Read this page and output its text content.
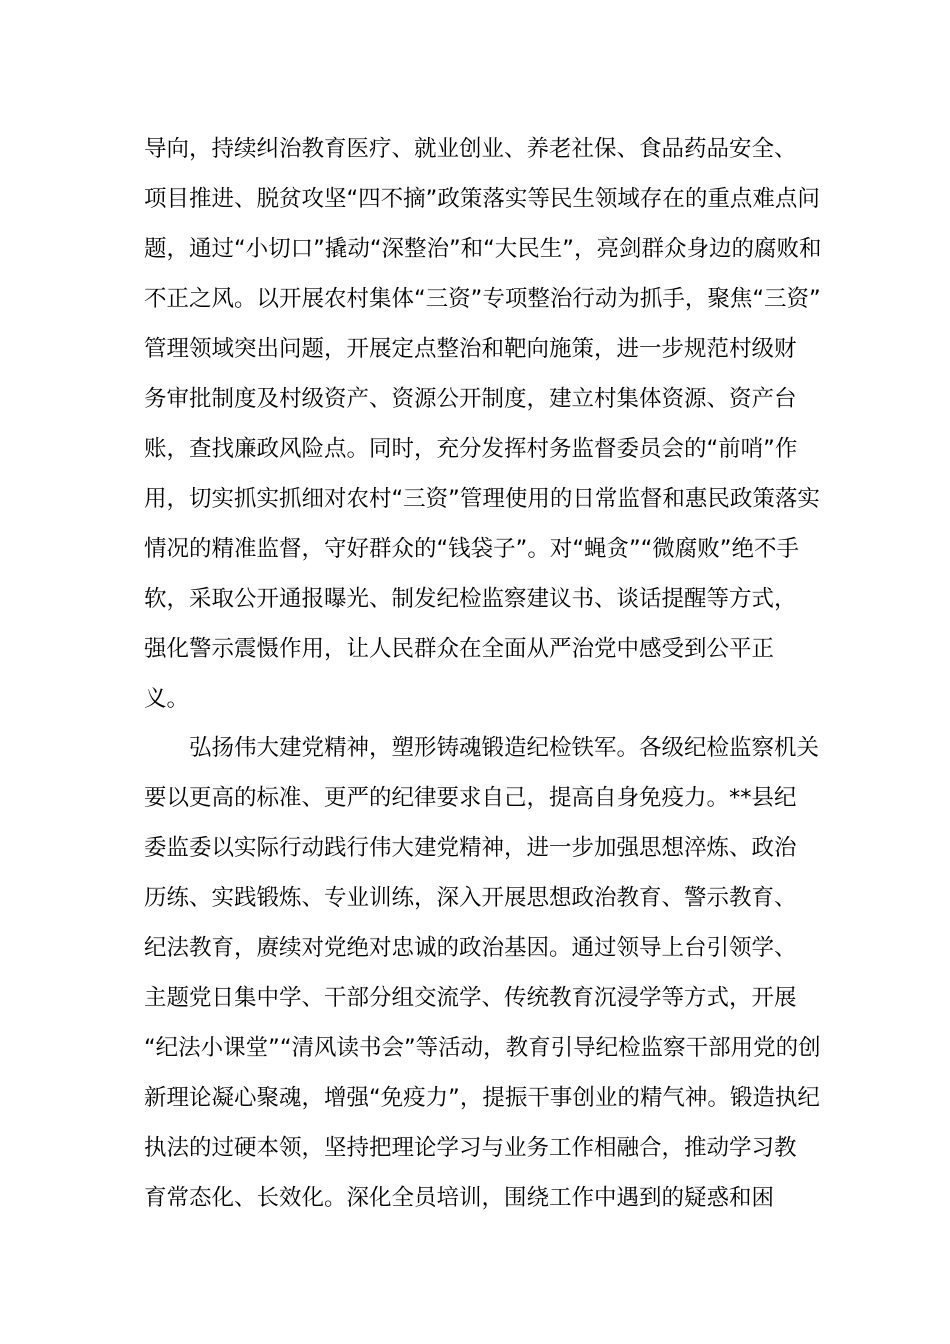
导向，持续纠治教育医疗、就业创业、养老社保、食品药品安全、
项目推进、脱贫攻坚“四不摘”政策落实等民生领域存在的重点难点问
题，通过“小切口”撬动“深整治”和“大民生”，亮剑群众身边的腐败和
不正之风。以开展农村集体“三资”专项整治行动为抓手，聚焦“三资”
管理领域突出问题，开展定点整治和靶向施策，进一步规范村级财
务审批制度及村级资产、资源公开制度，建立村集体资源、资产台
账，查找廉政风险点。同时，充分发挥村务监督委员会的“前哨”作
用，切实抓实抓细对农村“三资”管理使用的日常监督和惠民政策落实
情况的精准监督，守好群众的“钱袋子”。对“蝇贪”“微腐败”绝不手
软，采取公开通报曝光、制发纪检监察建议书、谈话提醒等方式，
强化警示震慑作用，让人民群众在全面从严治党中感受到公平正
义。
弘扬伟大建党精神，塑形铸魂锻造纪检铁军。各级纪检监察机关
要以更高的标准、更严的纪律要求自己，提高自身免疫力。**县纪
委监委以实际行动践行伟大建党精神，进一步加强思想淬炼、政治
历练、实践锻炼、专业训练，深入开展思想政治教育、警示教育、
纪法教育，赓续对党绝对忠诚的政治基因。通过领导上台引领学、
主题党日集中学、干部分组交流学、传统教育沉浸学等方式，开展
“纪法小课堂”“清风读书会”等活动，教育引导纪检监察干部用党的创
新理论凝心聚魂，增强“免疫力”，提振干事创业的精气神。锻造执纪
执法的过硬本领，坚持把理论学习与业务工作相融合，推动学习教
育常态化、长效化。深化全员培训，围绕工作中遇到的疑惑和困
